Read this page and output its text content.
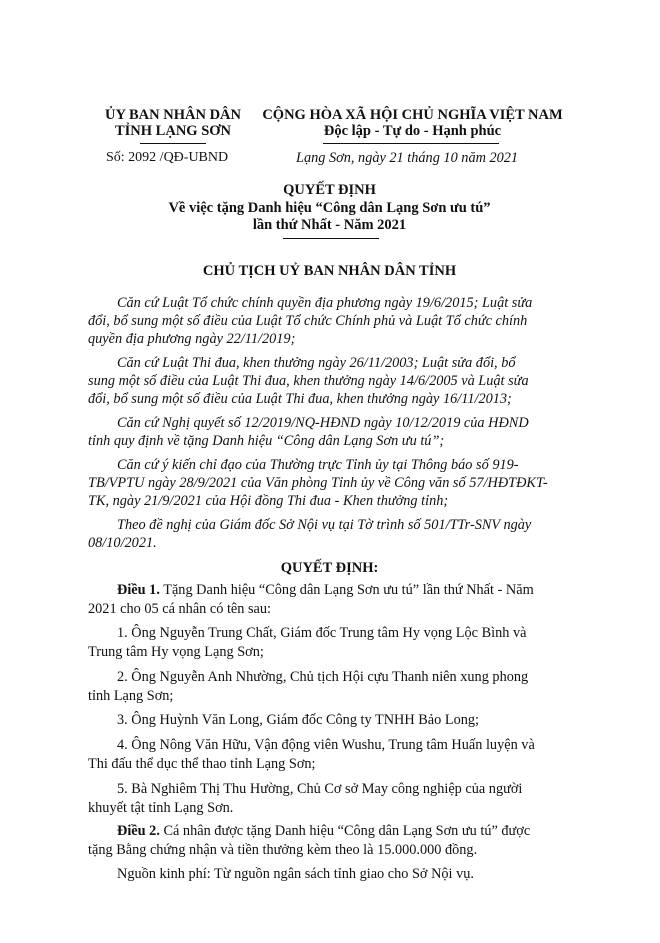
ỦY BAN NHÂN DÂN
TỈNH LẠNG SƠN
Số: 2092 /QĐ-UBND
CỘNG HÒA XÃ HỘI CHỦ NGHĨA VIỆT NAM
Độc lập - Tự do - Hạnh phúc
Lạng Sơn, ngày 21 tháng 10 năm 2021
QUYẾT ĐỊNH
Về việc tặng Danh hiệu “Công dân Lạng Sơn ưu tú”
lần thứ Nhất - Năm 2021
CHỦ TỊCH UỶ BAN NHÂN DÂN TỈNH
Căn cứ Luật Tổ chức chính quyền địa phương ngày 19/6/2015; Luật sửa
đổi, bổ sung một số điều của Luật Tổ chức Chính phủ và Luật Tổ chức chính
quyền địa phương ngày 22/11/2019;
Căn cứ Luật Thi đua, khen thưởng ngày 26/11/2003; Luật sửa đổi, bổ
sung một số điều của Luật Thi đua, khen thưởng ngày 14/6/2005 và Luật sửa
đổi, bổ sung một số điều của Luật Thi đua, khen thưởng ngày 16/11/2013;
Căn cứ Nghị quyết số 12/2019/NQ-HĐND ngày 10/12/2019 của HĐND
tỉnh quy định về tặng Danh hiệu “Công dân Lạng Sơn ưu tú”;
Căn cứ ý kiến chỉ đạo của Thường trực Tỉnh ủy tại Thông báo số 919-
TB/VPTU ngày 28/9/2021 của Văn phòng Tỉnh ủy về Công văn số 57/HĐTĐKT-
TK, ngày 21/9/2021 của Hội đồng Thi đua - Khen thưởng tỉnh;
Theo đề nghị của Giám đốc Sở Nội vụ tại Tờ trình số 501/TTr-SNV ngày
08/10/2021.
QUYẾT ĐỊNH:
Điều 1. Tặng Danh hiệu “Công dân Lạng Sơn ưu tú” lần thứ Nhất - Năm
2021 cho 05 cá nhân có tên sau:
1. Ông Nguyễn Trung Chất, Giám đốc Trung tâm Hy vọng Lộc Bình và
Trung tâm Hy vọng Lạng Sơn;
2. Ông Nguyễn Anh Nhường, Chủ tịch Hội cựu Thanh niên xung phong
tỉnh Lạng Sơn;
3. Ông Huỳnh Văn Long, Giám đốc Công ty TNHH Bảo Long;
4. Ông Nông Văn Hữu, Vận động viên Wushu, Trung tâm Huấn luyện và
Thi đấu thể dục thể thao tỉnh Lạng Sơn;
5. Bà Nghiêm Thị Thu Hường, Chủ Cơ sở May công nghiệp của người
khuyết tật tỉnh Lạng Sơn.
Điều 2. Cá nhân được tặng Danh hiệu “Công dân Lạng Sơn ưu tú” được
tặng Bằng chứng nhận và tiền thưởng kèm theo là 15.000.000 đồng.
Nguồn kinh phí: Từ nguồn ngân sách tỉnh giao cho Sở Nội vụ.
